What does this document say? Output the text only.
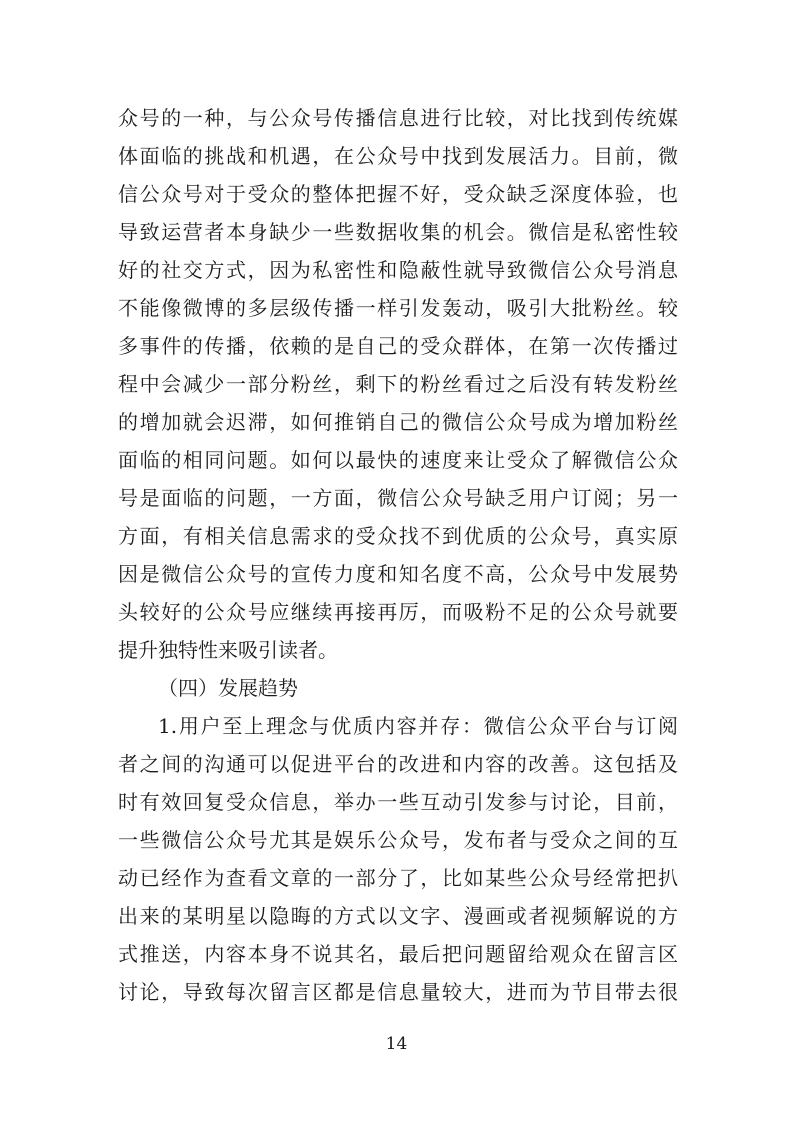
众号的一种，与公众号传播信息进行比较，对比找到传统媒
体面临的挑战和机遇，在公众号中找到发展活力。目前，微
信公众号对于受众的整体把握不好，受众缺乏深度体验，也
导致运营者本身缺少一些数据收集的机会。微信是私密性较
好的社交方式，因为私密性和隐蔽性就导致微信公众号消息
不能像微博的多层级传播一样引发轰动，吸引大批粉丝。较
多事件的传播，依赖的是自己的受众群体，在第一次传播过
程中会减少一部分粉丝，剩下的粉丝看过之后没有转发粉丝
的增加就会迟滞，如何推销自己的微信公众号成为增加粉丝
面临的相同问题。如何以最快的速度来让受众了解微信公众
号是面临的问题，一方面，微信公众号缺乏用户订阅；另一
方面，有相关信息需求的受众找不到优质的公众号，真实原
因是微信公众号的宣传力度和知名度不高，公众号中发展势
头较好的公众号应继续再接再厉，而吸粉不足的公众号就要
提升独特性来吸引读者。
（四）发展趋势
1.用户至上理念与优质内容并存：微信公众平台与订阅
者之间的沟通可以促进平台的改进和内容的改善。这包括及
时有效回复受众信息，举办一些互动引发参与讨论，目前，
一些微信公众号尤其是娱乐公众号，发布者与受众之间的互
动已经作为查看文章的一部分了，比如某些公众号经常把扒
出来的某明星以隐晦的方式以文字、漫画或者视频解说的方
式推送，内容本身不说其名，最后把问题留给观众在留言区
讨论，导致每次留言区都是信息量较大，进而为节目带去很
14
